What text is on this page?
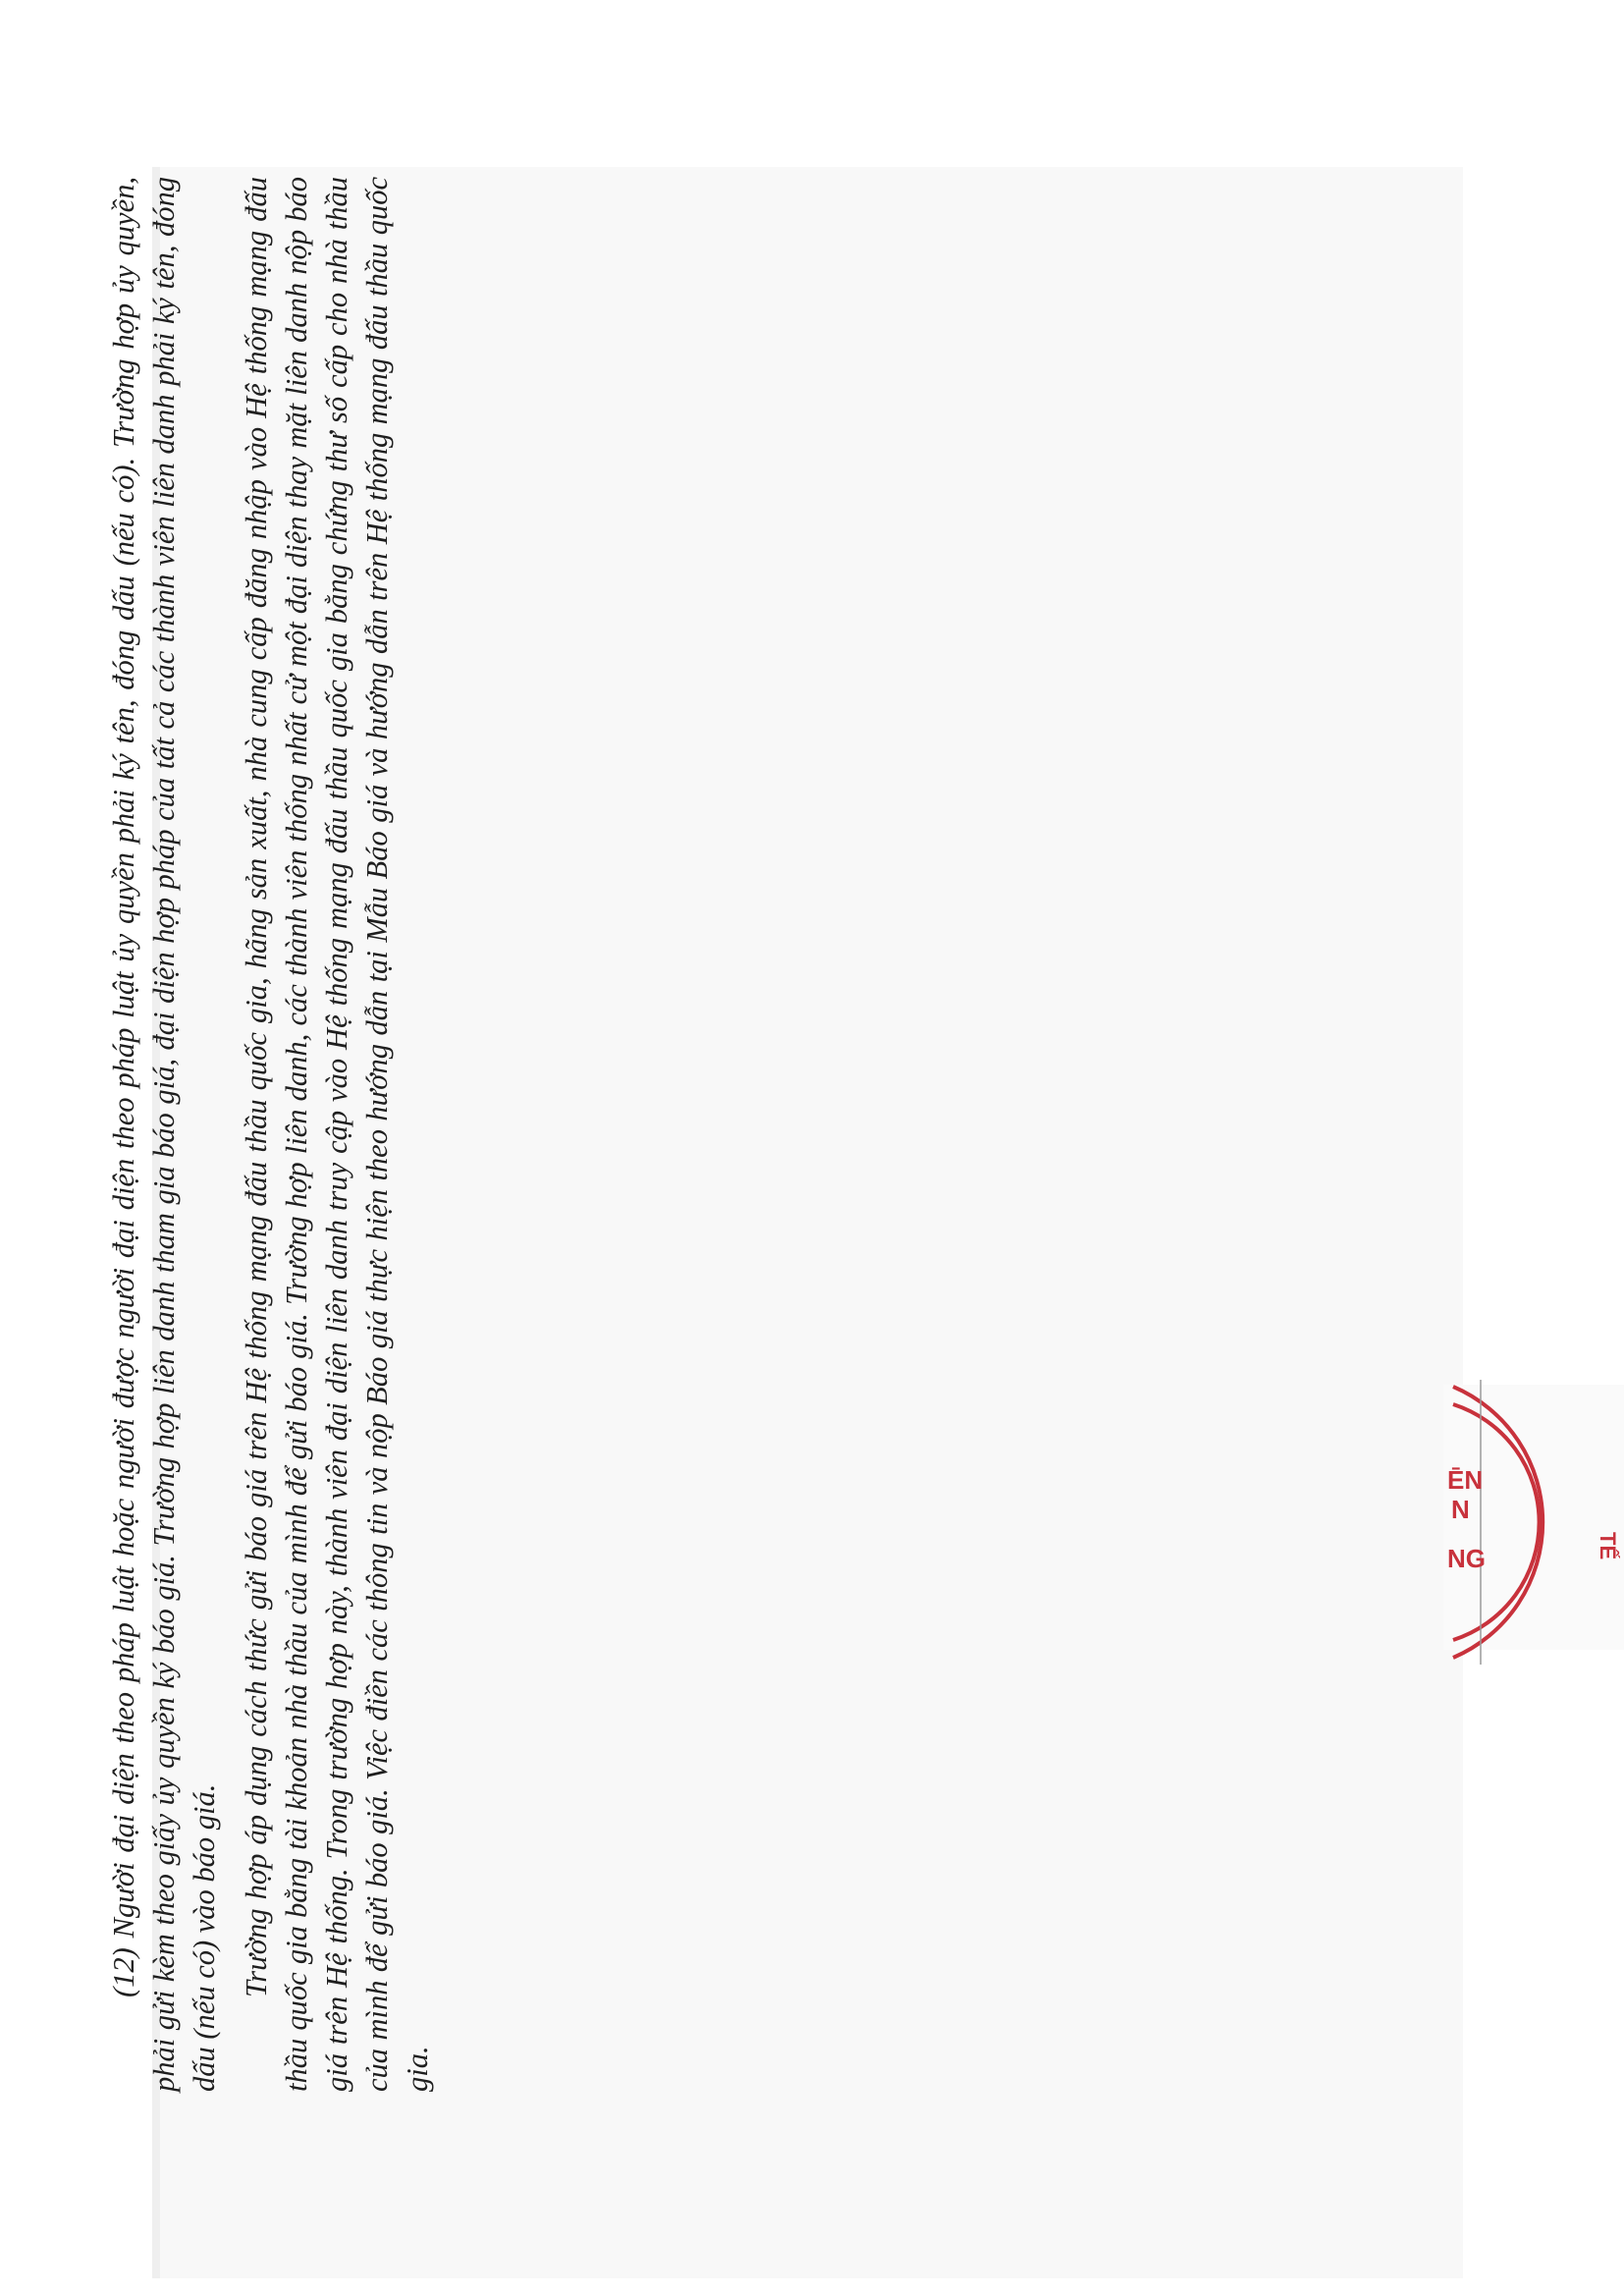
(12) Người đại diện theo pháp luật hoặc người được người đại diện theo pháp luật ủy quyền phải ký tên, đóng dấu (nếu có). Trường hợp ủy quyền, phải gửi kèm theo giấy ủy quyền ký báo giá. Trường hợp liên danh tham gia báo giá, đại diện hợp pháp của tất cả các thành viên liên danh phải ký tên, đóng dấu (nếu có) vào báo giá. Trường hợp áp dụng cách thức gửi báo giá trên Hệ thống mạng đấu thầu quốc gia, hãng sản xuất, nhà cung cấp đăng nhập vào Hệ thống mạng đấu thầu quốc gia bằng tài khoản nhà thầu của mình để gửi báo giá. Trường hợp liên danh, các thành viên thống nhất cử một đại diện thay mặt liên danh nộp báo giá trên Hệ thống. Trong trường hợp này, thành viên đại diện liên danh truy cập vào Hệ thống mạng đấu thầu quốc gia bằng chứng thư số cấp cho nhà thầu của mình để gửi báo giá. Việc điền các thông tin và nộp Báo giá thực hiện theo hướng dẫn tại Mẫu Báo giá và hướng dẫn trên Hệ thống mạng đấu thầu quốc gia.

ĒN
N
NG	TẾ
